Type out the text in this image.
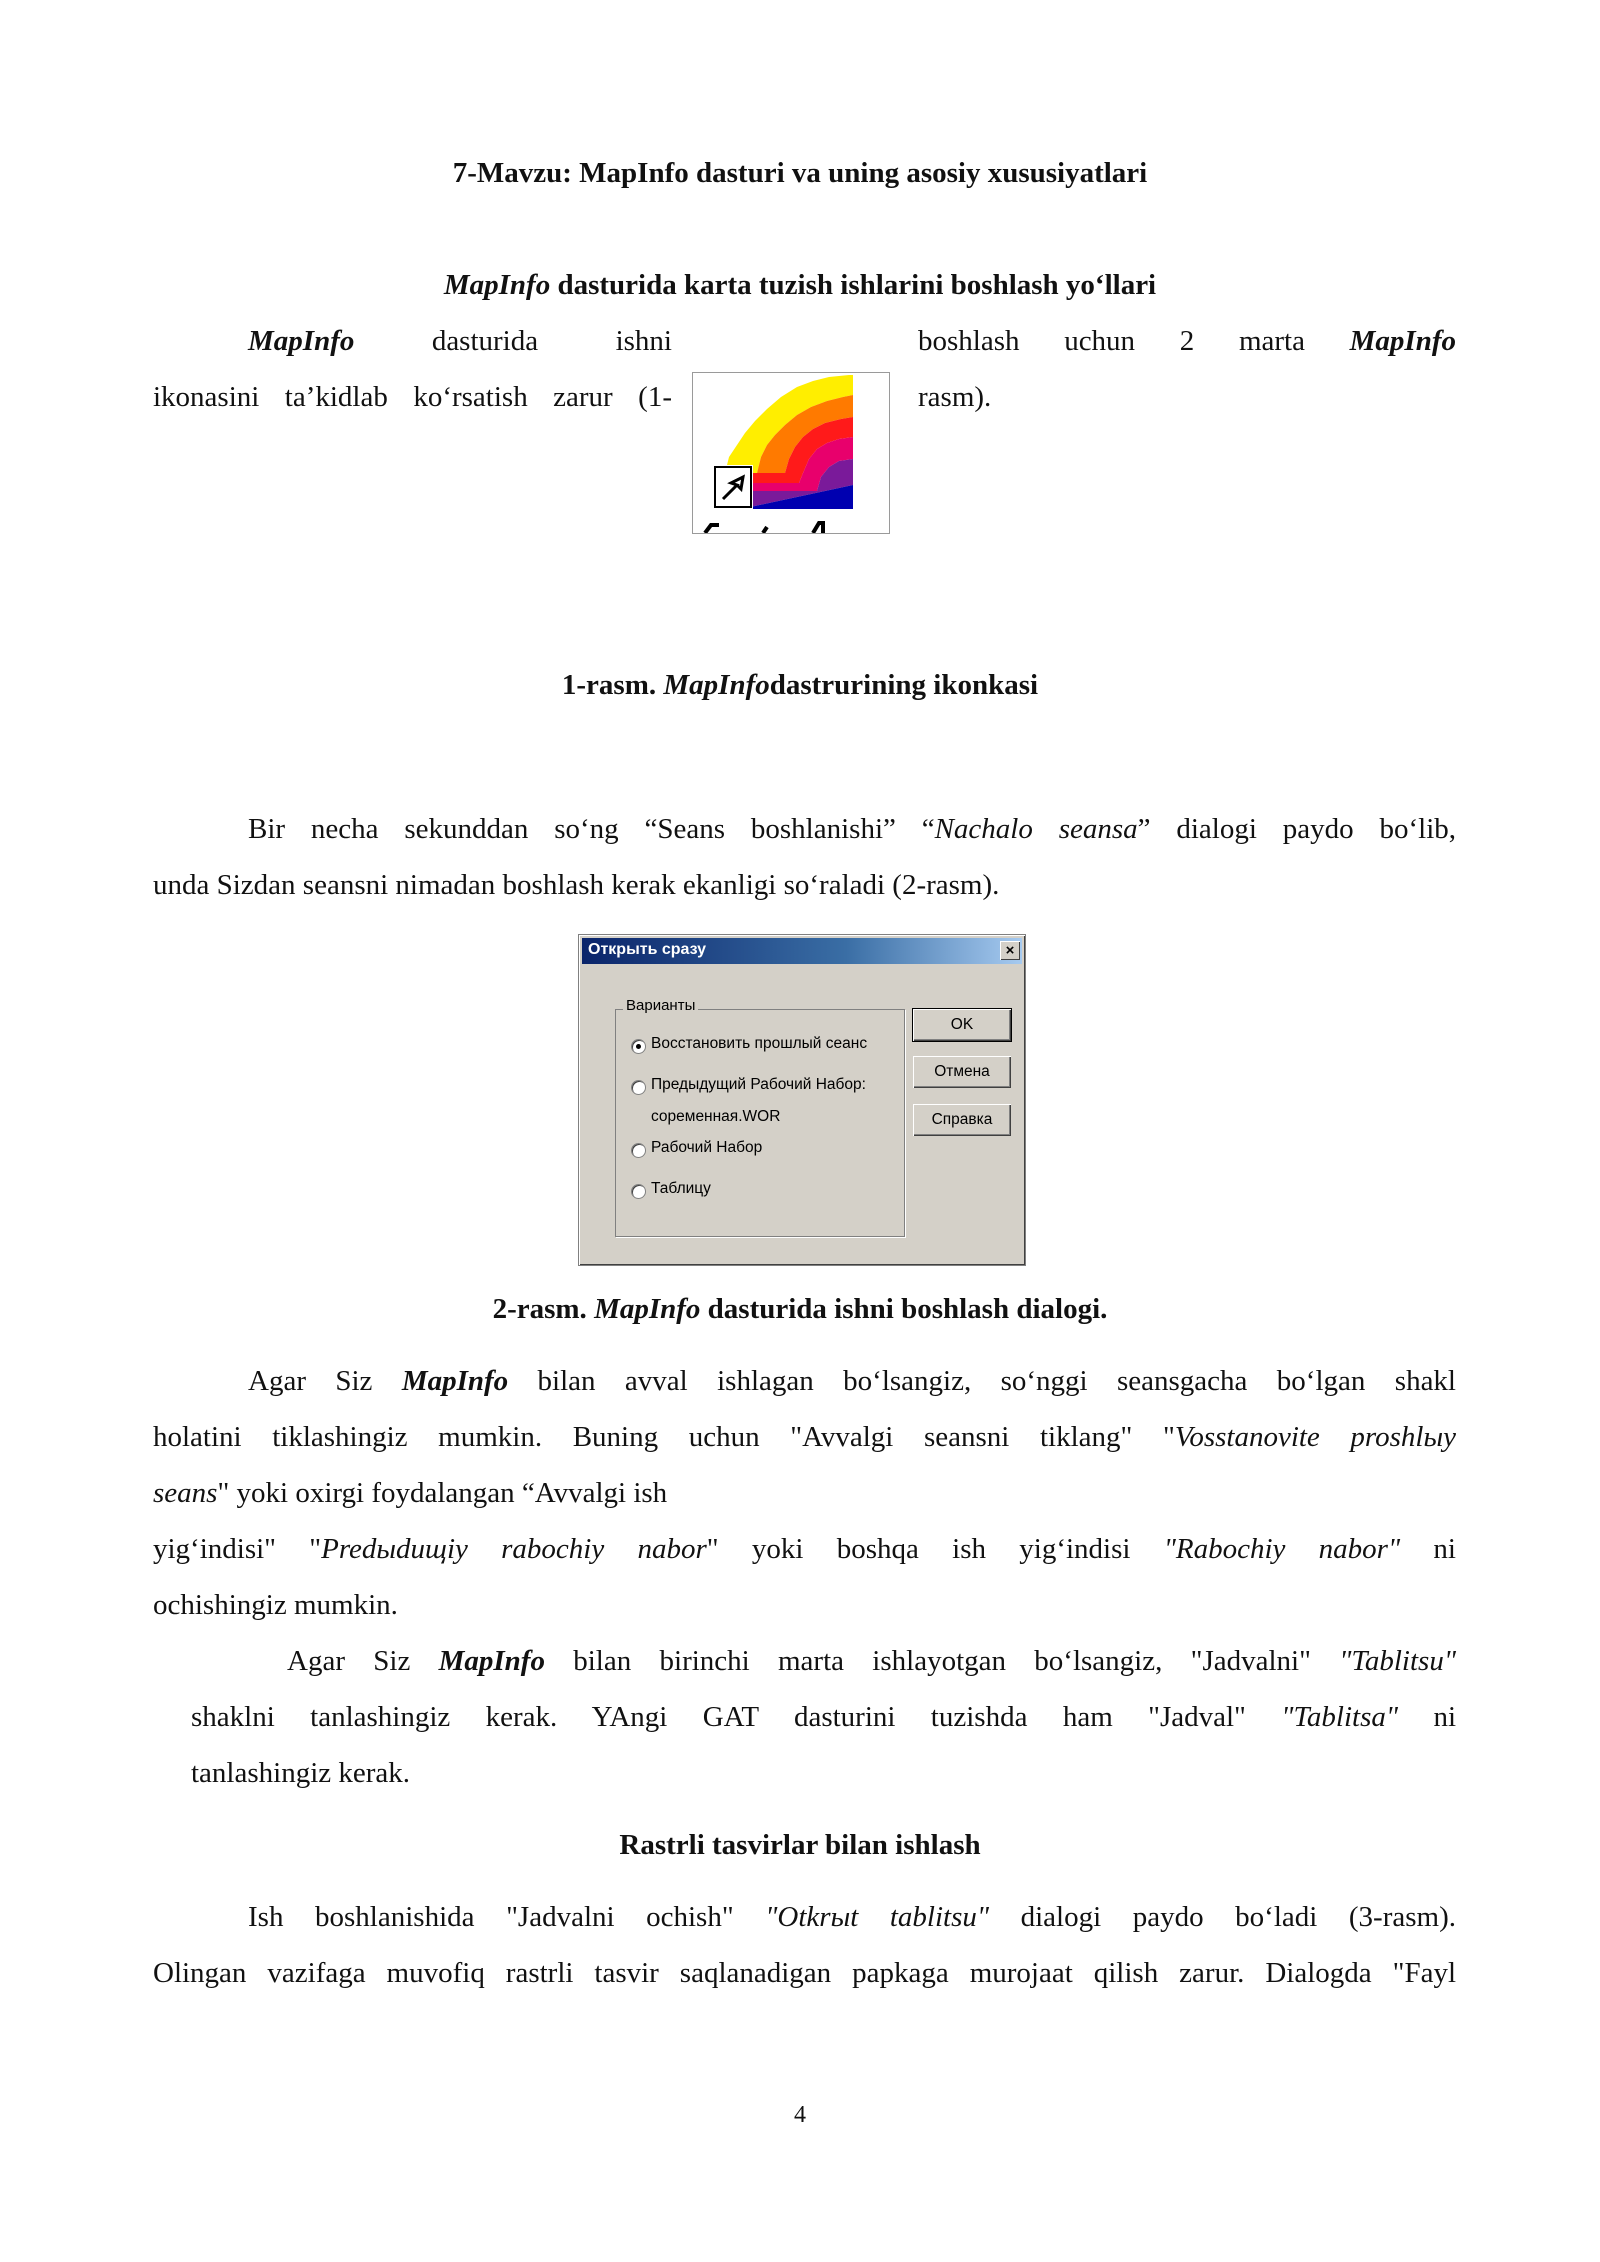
7-Mavzu: MapInfo dasturi va uning asosiy xususiyatlari
MapInfo dasturida karta tuzish ishlarini boshlash yo‘llari
MapInfo	dasturida	ishni	boshlash uchun 2 marta MapInfo
ikonasini ta’kidlab ko‘rsatish zarur (1-	rasm).
1-rasm. MapInfodastrurining ikonkasi
Bir necha sekunddan so‘ng “Seans boshlanishi” “Nachalo seansa” dialogi paydo bo‘lib,
unda Sizdan seansni nimadan boshlash kerak ekanligi so‘raladi (2-rasm).
Открыть сразу	×
Варианты
Восстановить прошлый сеанс
Предыдущий Рабочий Набор:
соременная.WOR
Рабочий Набор
Таблицу
OK
Отмена
Справка
2-rasm. MapInfo dasturida ishni boshlash dialogi.
Agar Siz MapInfo bilan avval ishlagan bo‘lsangiz, so‘nggi seansgacha bo‘lgan shakl
holatini tiklashingiz mumkin. Buning uchun "Avvalgi seansni tiklang" "Vosstanovite proshlыy
seans" yoki oxirgi foydalangan “Avvalgi ish
yig‘indisi" "Predыduщiy rabochiy nabor" yoki boshqa ish yig‘indisi "Rabochiy nabor" ni
ochishingiz mumkin.
Agar Siz MapInfo bilan birinchi marta ishlayotgan bo‘lsangiz, "Jadvalni" "Tablitsu"
shaklni tanlashingiz kerak. YAngi GAT dasturini tuzishda ham "Jadval" "Tablitsa" ni
tanlashingiz kerak.
Rastrli tasvirlar bilan ishlash
Ish boshlanishida "Jadvalni ochish" "Otkrыt tablitsu" dialogi paydo bo‘ladi (3-rasm).
Olingan vazifaga muvofiq rastrli tasvir saqlanadigan papkaga murojaat qilish zarur. Dialogda "Fayl
4
